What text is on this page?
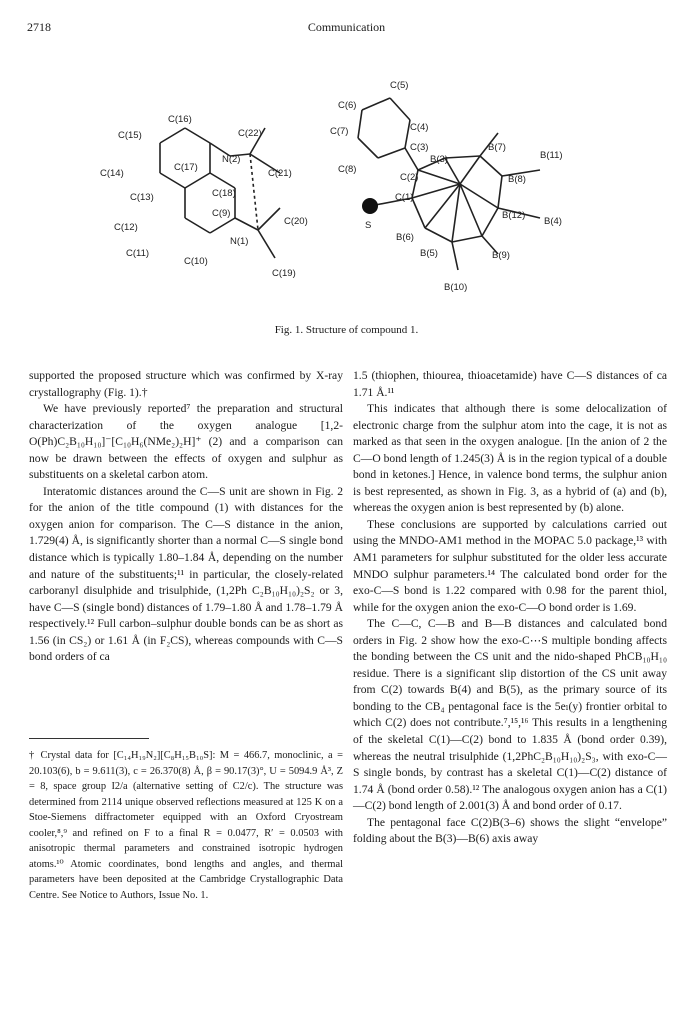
2718	Communication
C(5)
C(6)
C(4)
C(7)
C(3)
C(8)
C(2)
C(1)
S
B(7)
B(11)
B(3)
B(8)
B(12)
B(4)
B(6)
B(5)	B(9)
B(10)
C(15)
C(16)
C(22)
C(14)
C(17)
N(2)
C(21)
C(13)	C(18)
C(9)
C(20)
C(12)
N(1)
C(11)
C(10)
C(19)
Fig. 1. Structure of compound 1.

supported the proposed structure which was confirmed by X-ray crystallography (Fig. 1).†

We have previously reported⁷ the preparation and structural characterization of the oxygen analogue [1,2-O(Ph)C₂B₁₀H₁₀]⁻[C₁₀H₆(NMe₂)₂H]⁺ (2) and a comparison can now be drawn between the effects of oxygen and sulphur as substituents on a skeletal carbon atom.

Interatomic distances around the C—S unit are shown in Fig. 2 for the anion of the title compound (1) with distances for the oxygen anion for comparison. The C—S distance in the anion, 1.729(4) Å, is significantly shorter than a normal C—S single bond distance which is typically 1.80–1.84 Å, depending on the number and nature of the substituents;¹¹ in particular, the closely-related carboranyl disulphide and trisulphide, (1,2Ph C₂B₁₀H₁₀)₂S₂ or 3, have C—S (single bond) distances of 1.79–1.80 Å and 1.78–1.79 Å respectively.¹² Full carbon–sulphur double bonds can be as short as 1.56 (in CS₂) or 1.61 Å (in F₂CS), whereas compounds with C—S bond orders of ca

† Crystal data for [C₁₄H₁₉N₂][C₈H₁₅B₁₀S]: M = 466.7, monoclinic, a = 20.103(6), b = 9.611(3), c = 26.370(8) Å, β = 90.17(3)°, U = 5094.9 Å³, Z = 8, space group I2/a (alternative setting of C2/c). The structure was determined from 2114 unique observed reflections measured at 125 K on a Stoe-Siemens diffractometer equipped with an Oxford Cryostream cooler,⁸,⁹ and refined on F to a final R = 0.0477, R′ = 0.0503 with anisotropic thermal parameters and constrained isotropic hydrogen atoms.¹⁰ Atomic coordinates, bond lengths and angles, and thermal parameters have been deposited at the Cambridge Crystallographic Data Centre. See Notice to Authors, Issue No. 1.

1.5 (thiophen, thiourea, thioacetamide) have C—S distances of ca 1.71 Å.¹¹

This indicates that although there is some delocalization of electronic charge from the sulphur atom into the cage, it is not as marked as that seen in the oxygen analogue. [In the anion of 2 the C—O bond length of 1.245(3) Å is in the region typical of a double bond in ketones.] Hence, in valence bond terms, the sulphur anion is best represented, as shown in Fig. 3, as a hybrid of (a) and (b), whereas the oxygen anion is best represented by (b) alone.

These conclusions are supported by calculations carried out using the MNDO-AM1 method in the MOPAC 5.0 package,¹³ with AM1 parameters for sulphur substituted for the older less accurate MNDO sulphur parameters.¹⁴ The calculated bond order for the exo-C—S bond is 1.22 compared with 0.98 for the parent thiol, while for the oxygen anion the exo-C—O bond order is 1.69.

The C—C, C—B and B—B distances and calculated bond orders in Fig. 2 show how the exo-C⋯S multiple bonding affects the bonding between the CS unit and the nido-shaped PhCB₁₀H₁₀ residue. There is a significant slip distortion of the CS unit away from C(2) towards B(4) and B(5), as the primary source of its bonding to the CB₄ pentagonal face is the 5eₗ(y) frontier orbital to which C(2) does not contribute.⁷,¹⁵,¹⁶ This results in a lengthening of the skeletal C(1)—C(2) bond to 1.835 Å (bond order 0.39), whereas the neutral trisulphide (1,2PhC₂B₁₀H₁₀)₂S₃, with exo-C—S single bonds, by contrast has a skeletal C(1)—C(2) distance of 1.74 Å (bond order 0.58).¹² The analogous oxygen anion has a C(1)—C(2) bond length of 2.001(3) Å and bond order of 0.17.

The pentagonal face C(2)B(3–6) shows the slight “envelope” folding about the B(3)—B(6) axis away
